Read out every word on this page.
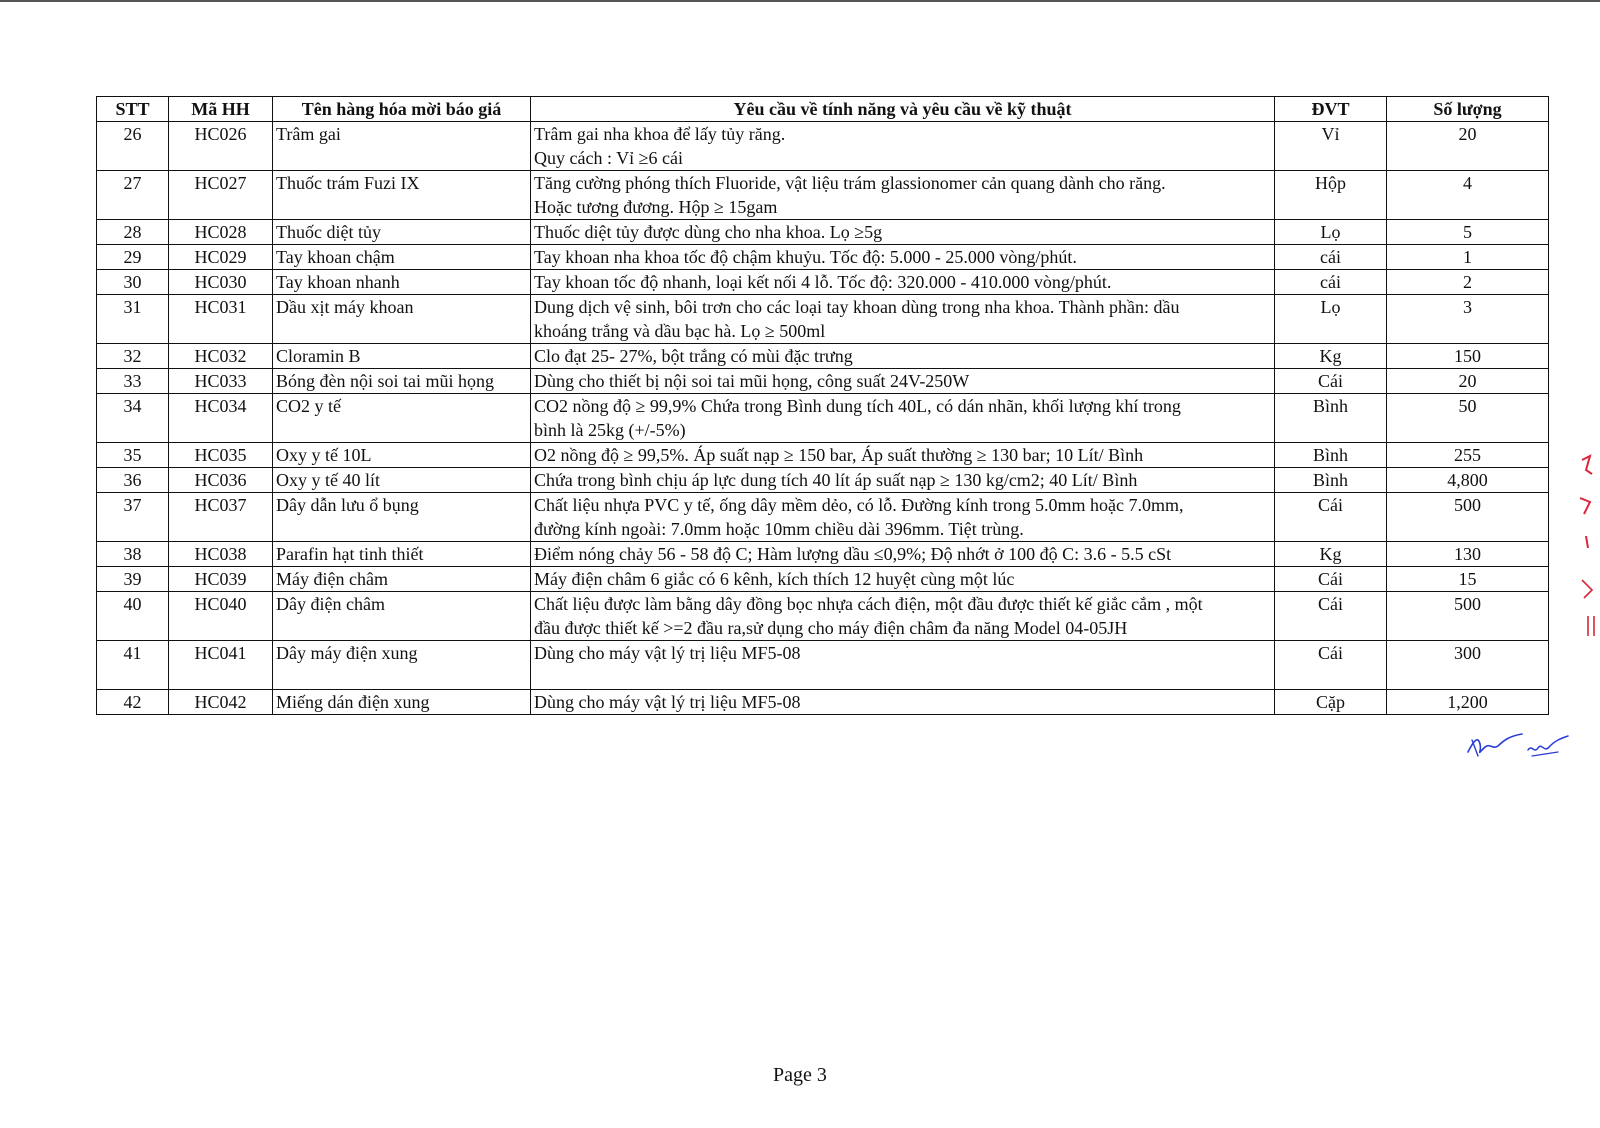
STT	Mã HH	Tên hàng hóa mời báo giá	Yêu cầu về tính năng và yêu cầu về kỹ thuật	ĐVT	Số lượng
26	HC026	Trâm gai	Trâm gai nha khoa để lấy tủy răng.
Quy cách : Vỉ ≥6 cái	Vỉ	20
27	HC027	Thuốc trám Fuzi IX	Tăng cường phóng thích Fluoride, vật liệu trám glassionomer cản quang dành cho răng.
Hoặc tương đương. Hộp ≥ 15gam	Hộp	4
28	HC028	Thuốc diệt tủy	Thuốc diệt tủy được dùng cho nha khoa. Lọ ≥5g	Lọ	5
29	HC029	Tay khoan chậm	Tay khoan nha khoa tốc độ chậm khuỷu. Tốc độ: 5.000 - 25.000 vòng/phút.	cái	1
30	HC030	Tay khoan nhanh	Tay khoan tốc độ nhanh, loại kết nối 4 lỗ. Tốc độ: 320.000 - 410.000 vòng/phút.	cái	2
31	HC031	Dầu xịt máy khoan	Dung dịch vệ sinh, bôi trơn cho các loại tay khoan dùng trong nha khoa. Thành phần: dầu
khoáng trắng và dầu bạc hà. Lọ ≥ 500ml	Lọ	3
32	HC032	Cloramin B	Clo đạt 25- 27%, bột trắng có mùi đặc trưng	Kg	150
33	HC033	Bóng đèn nội soi tai mũi họng	Dùng cho thiết bị nội soi tai mũi họng, công suất 24V-250W	Cái	20
34	HC034	CO2 y tế	CO2 nồng độ ≥ 99,9% Chứa trong Bình dung tích 40L, có dán nhãn, khối lượng khí trong
bình là 25kg (+/-5%)	Bình	50
35	HC035	Oxy y tế 10L	O2 nồng độ ≥ 99,5%. Áp suất nạp ≥ 150 bar, Áp suất thường ≥ 130 bar; 10 Lít/ Bình	Bình	255
36	HC036	Oxy y tế 40 lít	Chứa trong bình chịu áp lực dung tích 40 lít áp suất nạp ≥ 130 kg/cm2; 40 Lít/ Bình	Bình	4,800
37	HC037	Dây dẫn lưu ổ bụng	Chất liệu nhựa PVC y tế, ống dây mềm dẻo, có lỗ. Đường kính trong 5.0mm hoặc 7.0mm,
đường kính ngoài: 7.0mm hoặc 10mm chiều dài 396mm. Tiệt trùng.	Cái	500
38	HC038	Parafin hạt tinh thiết	Điểm nóng chảy 56 - 58 độ C; Hàm lượng dầu ≤0,9%; Độ nhớt ở 100 độ C: 3.6 - 5.5 cSt	Kg	130
39	HC039	Máy điện châm	Máy điện châm 6 giắc có 6 kênh, kích thích 12 huyệt cùng một lúc	Cái	15
40	HC040	Dây điện châm	Chất liệu được làm bằng dây đồng bọc nhựa cách điện, một đầu được thiết kế giắc cắm , một
đầu được thiết kế >=2 đầu ra,sử dụng cho máy điện châm đa năng Model 04-05JH	Cái	500
41	HC041	Dây máy điện xung	Dùng cho máy vật lý trị liệu MF5-08	Cái	300
42	HC042	Miếng dán điện xung	Dùng cho máy vật lý trị liệu MF5-08	Cặp	1,200
Page 3
